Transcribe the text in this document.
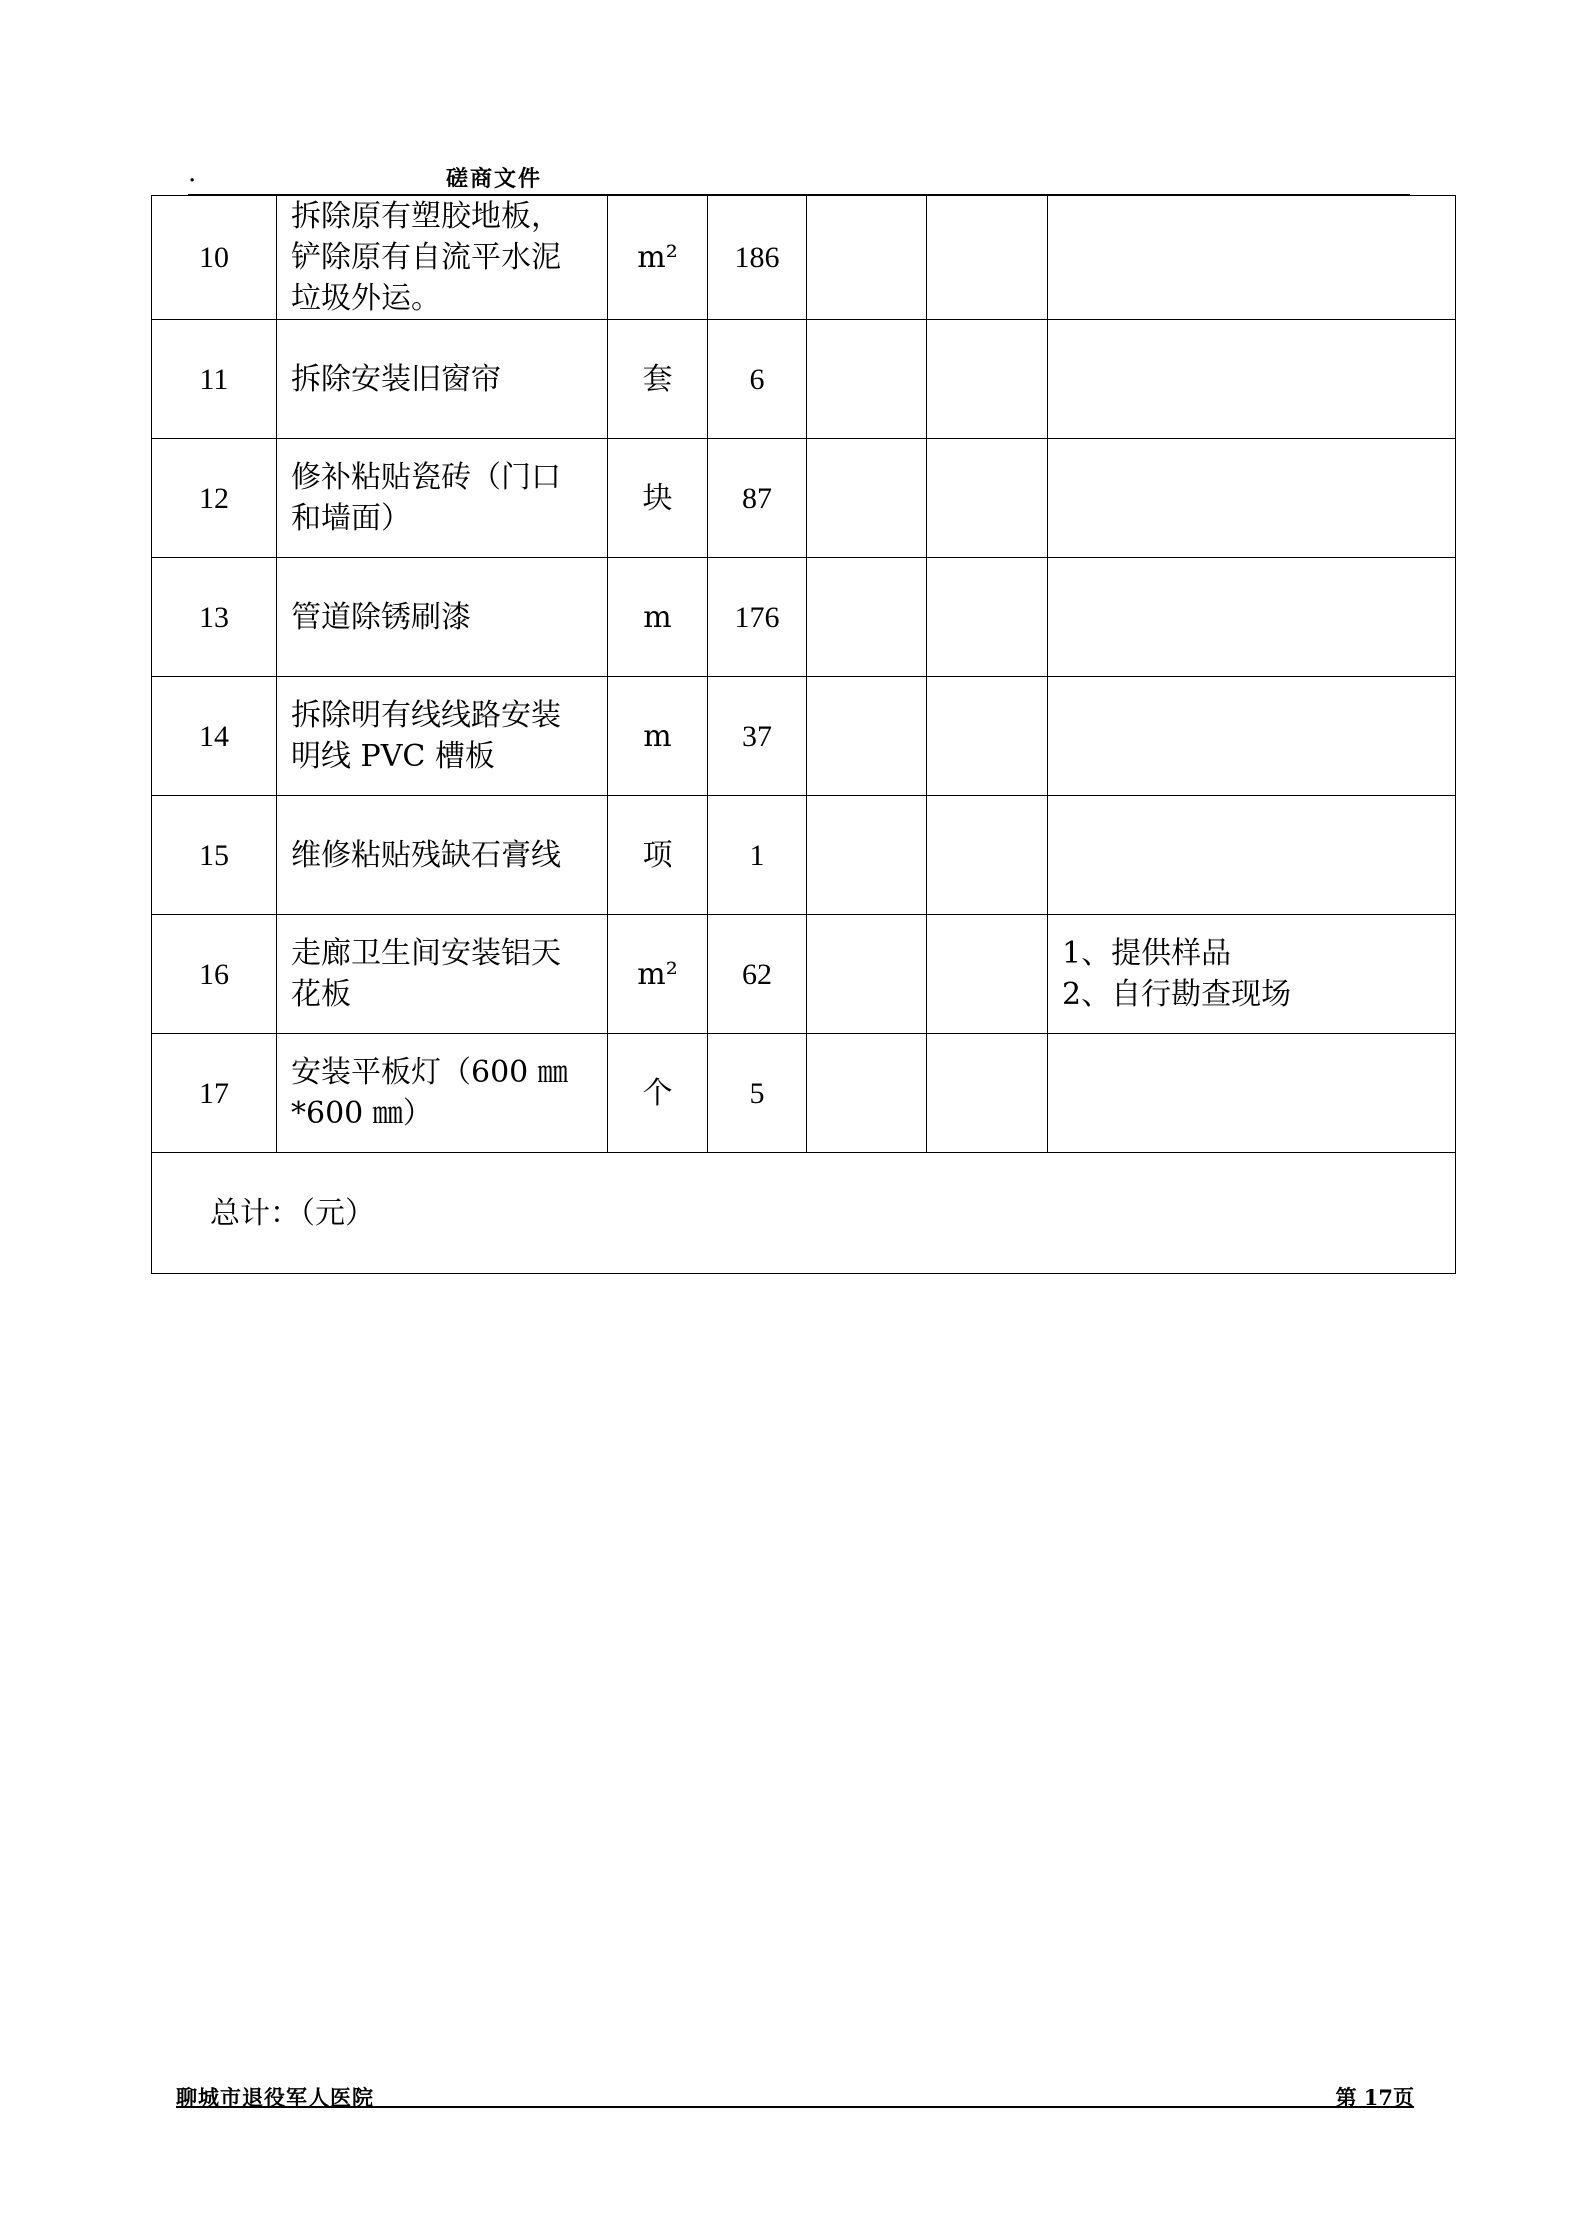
.	磋商文件
10	拆除原有塑胶地板，
铲除原有自流平水泥
垃圾外运。	m²	186			
11	拆除安装旧窗帘	套	6			
12	修补粘贴瓷砖（门口
和墙面）	块	87			
13	管道除锈刷漆	m	176			
14	拆除明有线线路安装
明线 PVC 槽板	m	37			
15	维修粘贴残缺石膏线	项	1			
16	走廊卫生间安装铝天
花板	m²	62			1、提供样品
2、自行勘查现场

17	安装平板灯（600 ㎜
*600 ㎜）	个	5			
总计：（元）						
聊城市退役军人医院	第 17页
